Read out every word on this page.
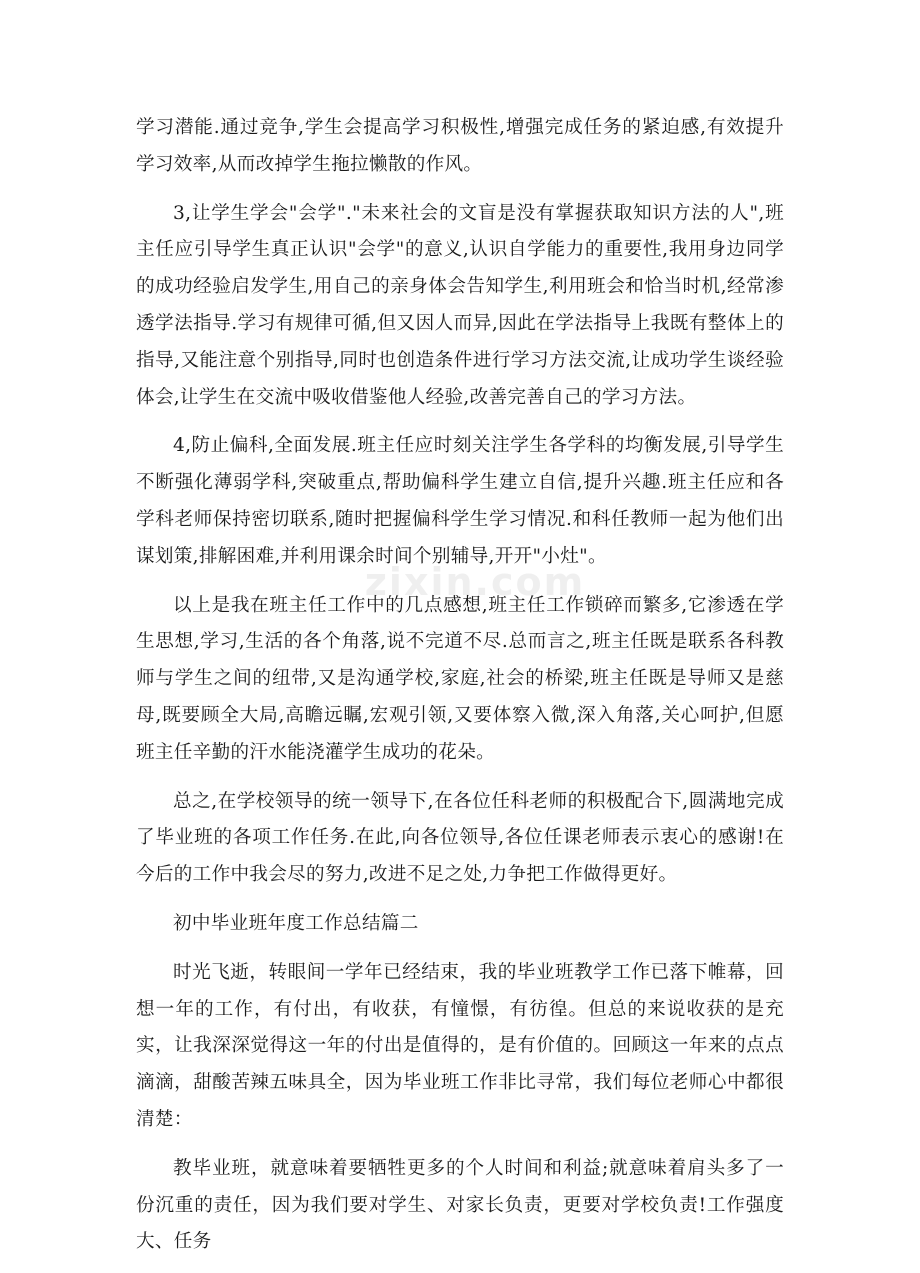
学习潜能.通过竞争,学生会提高学习积极性,增强完成任务的紧迫感,有效提升学习效率,从而改掉学生拖拉懒散的作风。

3,让学生学会"会学"."未来社会的文盲是没有掌握获取知识方法的人",班主任应引导学生真正认识"会学"的意义,认识自学能力的重要性,我用身边同学的成功经验启发学生,用自己的亲身体会告知学生,利用班会和恰当时机,经常渗透学法指导.学习有规律可循,但又因人而异,因此在学法指导上我既有整体上的指导,又能注意个别指导,同时也创造条件进行学习方法交流,让成功学生谈经验体会,让学生在交流中吸收借鉴他人经验,改善完善自己的学习方法。

4,防止偏科,全面发展.班主任应时刻关注学生各学科的均衡发展,引导学生不断强化薄弱学科,突破重点,帮助偏科学生建立自信,提升兴趣.班主任应和各学科老师保持密切联系,随时把握偏科学生学习情况.和科任教师一起为他们出谋划策,排解困难,并利用课余时间个别辅导,开开"小灶"。

以上是我在班主任工作中的几点感想,班主任工作锁碎而繁多,它渗透在学生思想,学习,生活的各个角落,说不完道不尽.总而言之,班主任既是联系各科教师与学生之间的纽带,又是沟通学校,家庭,社会的桥梁,班主任既是导师又是慈母,既要顾全大局,高瞻远瞩,宏观引领,又要体察入微,深入角落,关心呵护,但愿班主任辛勤的汗水能浇灌学生成功的花朵。

总之,在学校领导的统一领导下,在各位任科老师的积极配合下,圆满地完成了毕业班的各项工作任务.在此,向各位领导,各位任课老师表示衷心的感谢!在今后的工作中我会尽的努力,改进不足之处,力争把工作做得更好。

初中毕业班年度工作总结篇二

时光飞逝，转眼间一学年已经结束，我的毕业班教学工作已落下帷幕，回想一年的工作，有付出，有收获，有憧憬，有彷徨。但总的来说收获的是充实，让我深深觉得这一年的付出是值得的，是有价值的。回顾这一年来的点点滴滴，甜酸苦辣五味具全，因为毕业班工作非比寻常，我们每位老师心中都很清楚：

教毕业班，就意味着要牺牲更多的个人时间和利益;就意味着肩头多了一份沉重的责任，因为我们要对学生、对家长负责，更要对学校负责!工作强度大、任务

zixin.com
